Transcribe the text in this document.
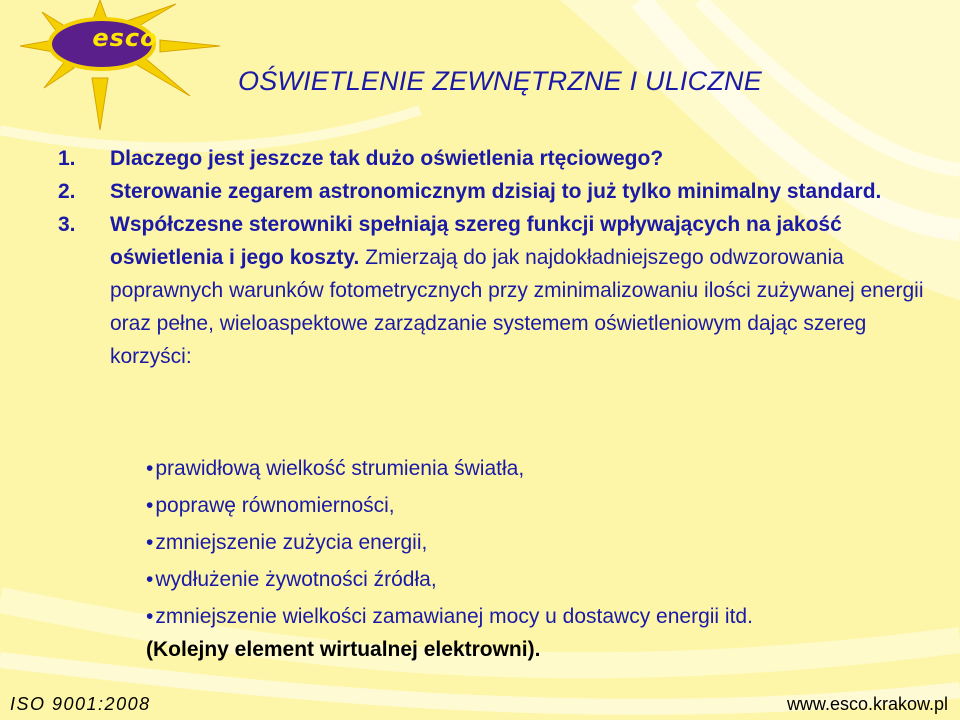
esco
OŚWIETLENIE ZEWNĘTRZNE I ULICZNE
1.	Dlaczego jest jeszcze tak dużo oświetlenia rtęciowego?
2.	Sterowanie zegarem astronomicznym dzisiaj to już tylko minimalny standard.
3.	Współczesne sterowniki spełniają szereg funkcji wpływających na jakość oświetlenia i jego koszty. Zmierzają do jak najdokładniejszego odwzorowania poprawnych warunków fotometrycznych przy zminimalizowaniu ilości zużywanej energii oraz pełne, wieloaspektowe zarządzanie systemem oświetleniowym dając szereg korzyści:
•prawidłową wielkość strumienia światła,
•poprawę równomierności,
•zmniejszenie zużycia energii,
•wydłużenie żywotności źródła,
•zmniejszenie wielkości zamawianej mocy u dostawcy energii itd.
(Kolejny element wirtualnej elektrowni).
ISO 9001:2008	www.esco.krakow.pl
